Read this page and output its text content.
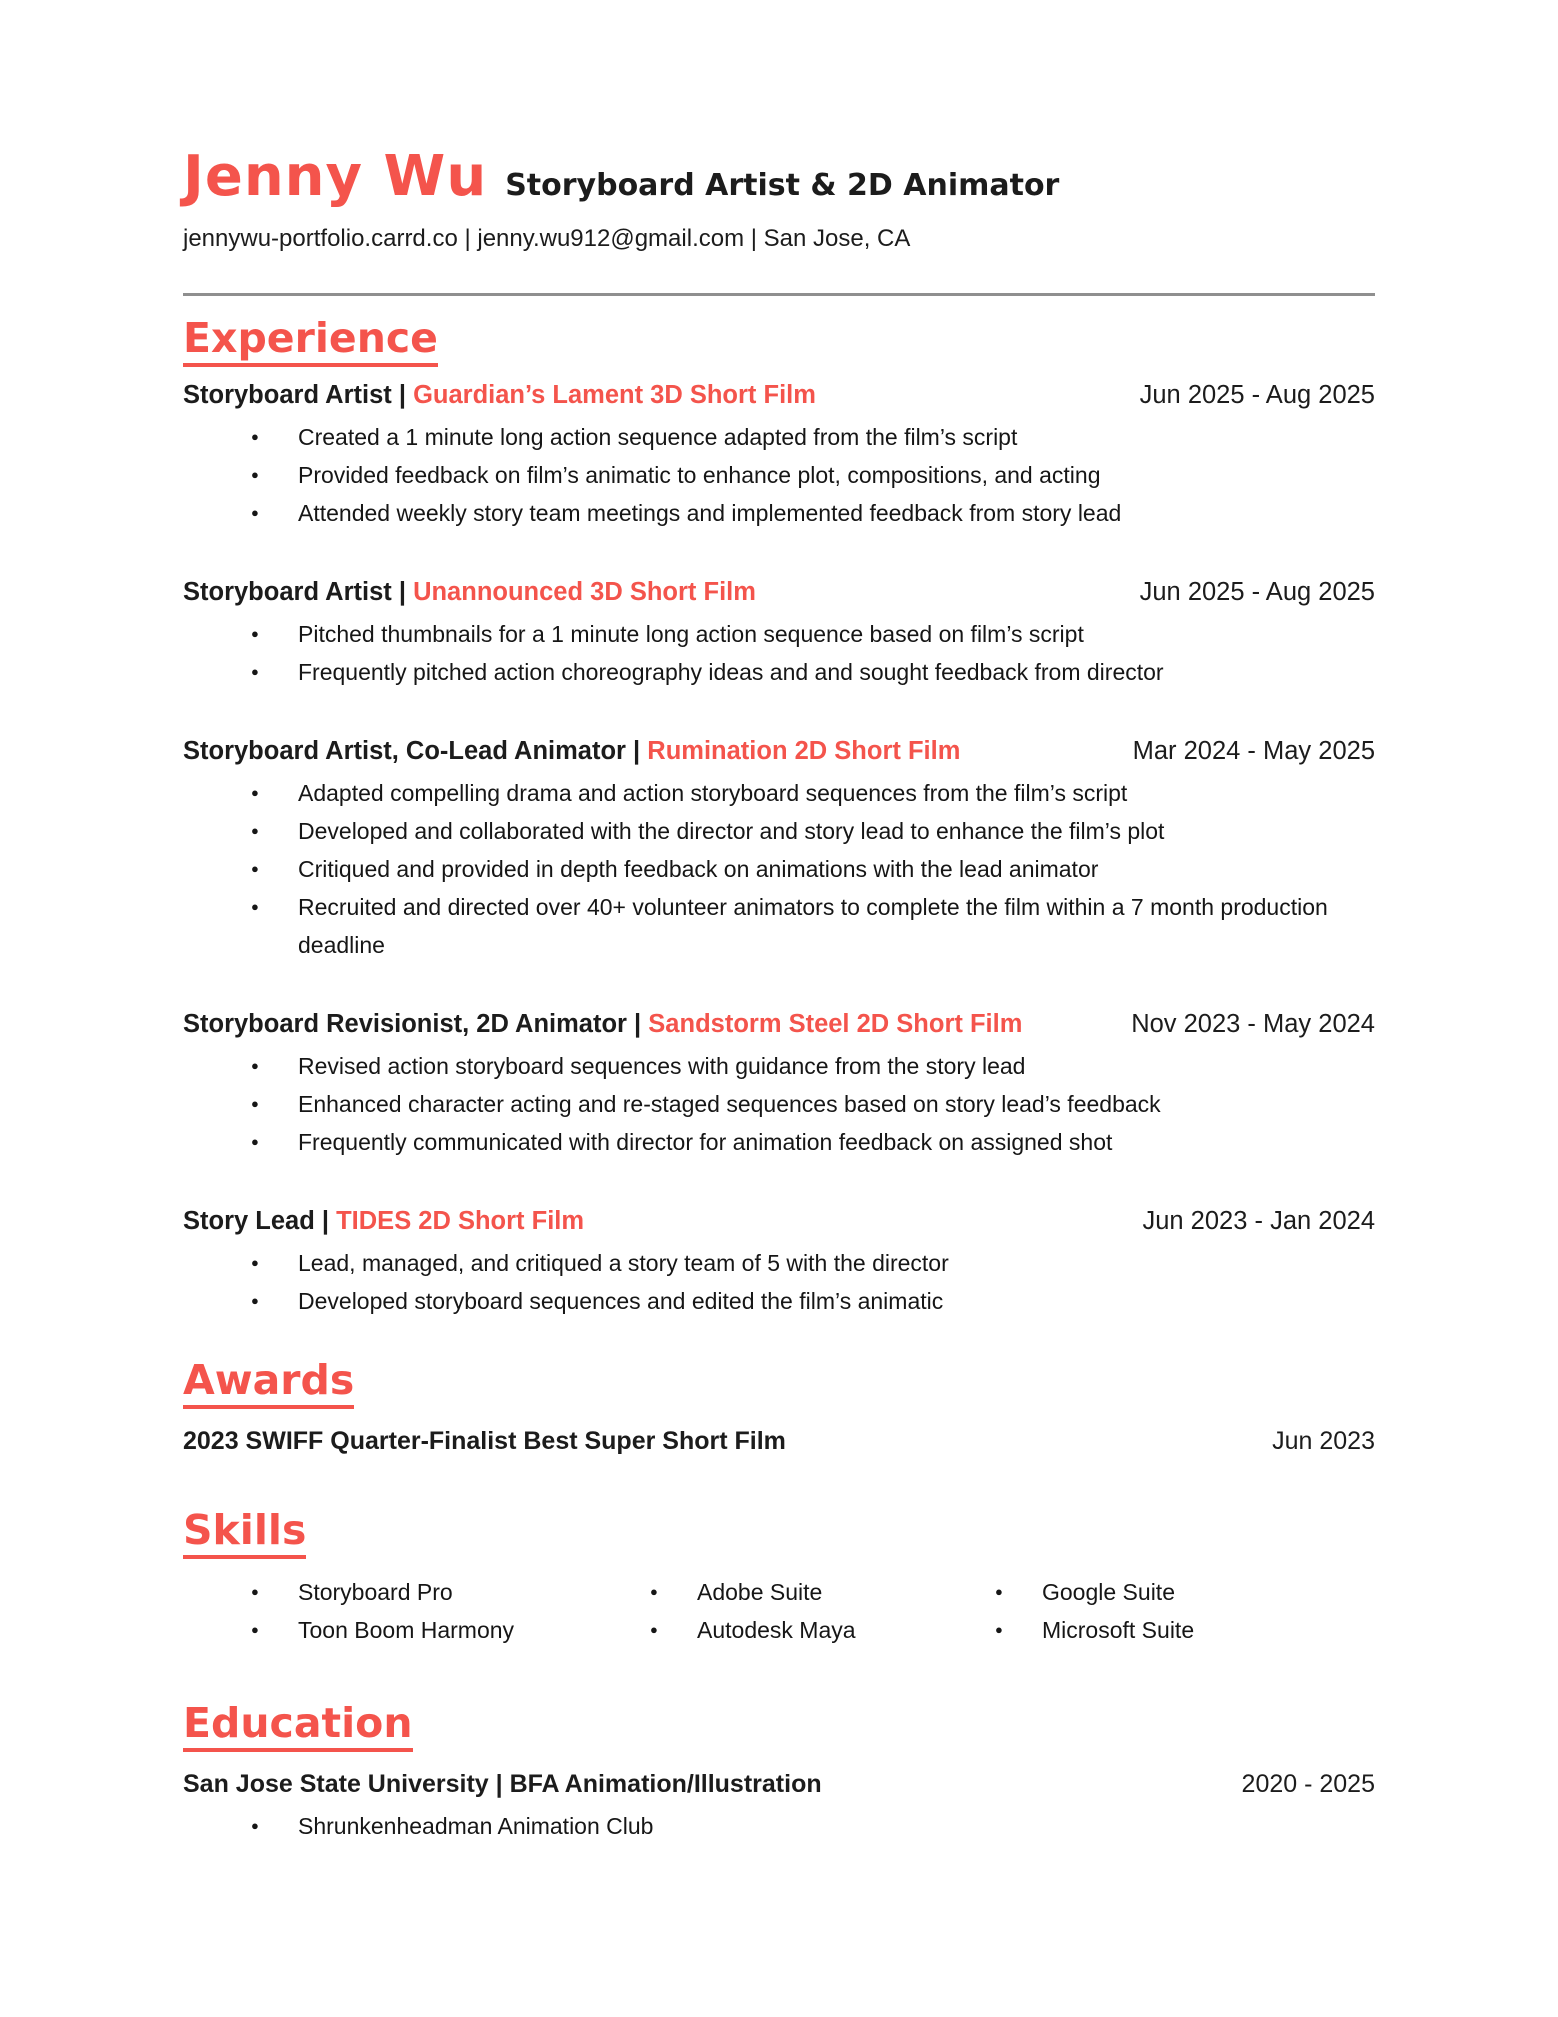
Jenny Wu Storyboard Artist & 2D Animator
jennywu-portfolio.carrd.co | jenny.wu912@gmail.com | San Jose, CA
Experience
Storyboard Artist | Guardian’s Lament 3D Short Film	Jun 2025 - Aug 2025
● Created a 1 minute long action sequence adapted from the film’s script
● Provided feedback on film’s animatic to enhance plot, compositions, and acting
● Attended weekly story team meetings and implemented feedback from story lead
Storyboard Artist | Unannounced 3D Short Film	Jun 2025 - Aug 2025
● Pitched thumbnails for a 1 minute long action sequence based on film’s script
● Frequently pitched action choreography ideas and and sought feedback from director
Storyboard Artist, Co-Lead Animator | Rumination 2D Short Film	Mar 2024 - May 2025
● Adapted compelling drama and action storyboard sequences from the film’s script
● Developed and collaborated with the director and story lead to enhance the film’s plot
● Critiqued and provided in depth feedback on animations with the lead animator
● Recruited and directed over 40+ volunteer animators to complete the film within a 7 month production deadline
Storyboard Revisionist, 2D Animator | Sandstorm Steel 2D Short Film	Nov 2023 - May 2024
● Revised action storyboard sequences with guidance from the story lead
● Enhanced character acting and re-staged sequences based on story lead’s feedback
● Frequently communicated with director for animation feedback on assigned shot
Story Lead | TIDES 2D Short Film	Jun 2023 - Jan 2024
● Lead, managed, and critiqued a story team of 5 with the director
● Developed storyboard sequences and edited the film’s animatic
Awards
2023 SWIFF Quarter-Finalist Best Super Short Film	Jun 2023
Skills
● Storyboard Pro
● Toon Boom Harmony
● Adobe Suite
● Autodesk Maya
● Google Suite
● Microsoft Suite
Education
San Jose State University | BFA Animation/Illustration	2020 - 2025
● Shrunkenheadman Animation Club
